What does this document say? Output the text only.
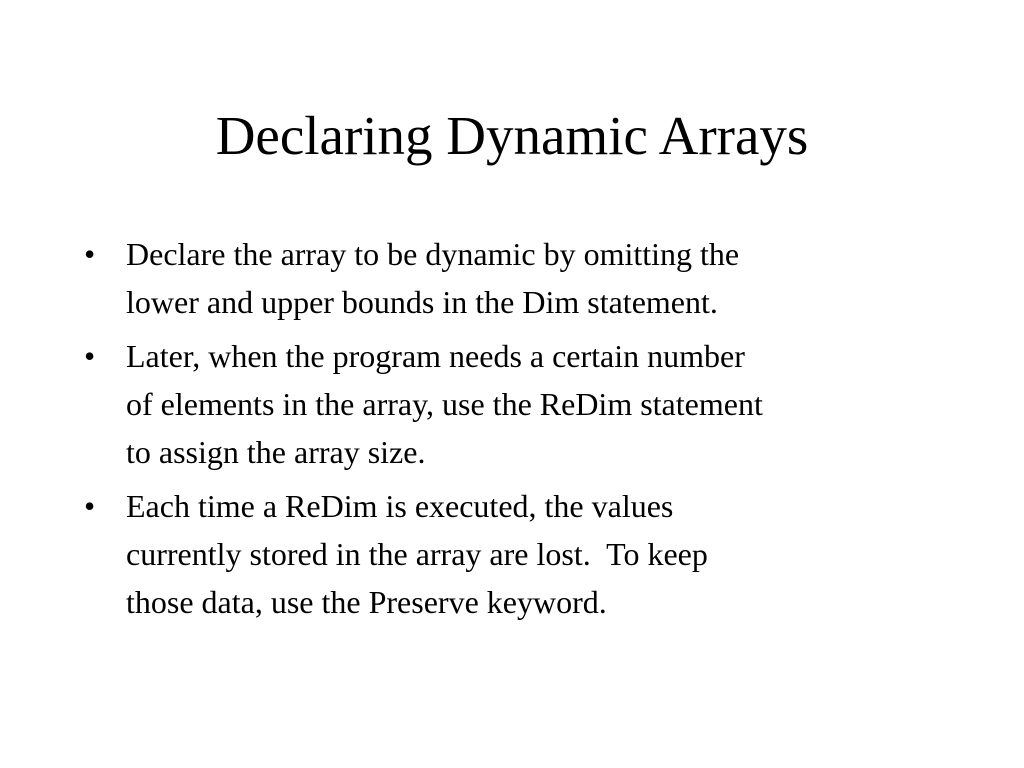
Declaring Dynamic Arrays
• Declare the array to be dynamic by omitting the
lower and upper bounds in the Dim statement.
• Later, when the program needs a certain number
of elements in the array, use the ReDim statement
to assign the array size.
• Each time a ReDim is executed, the values
currently stored in the array are lost.  To keep
those data, use the Preserve keyword.
